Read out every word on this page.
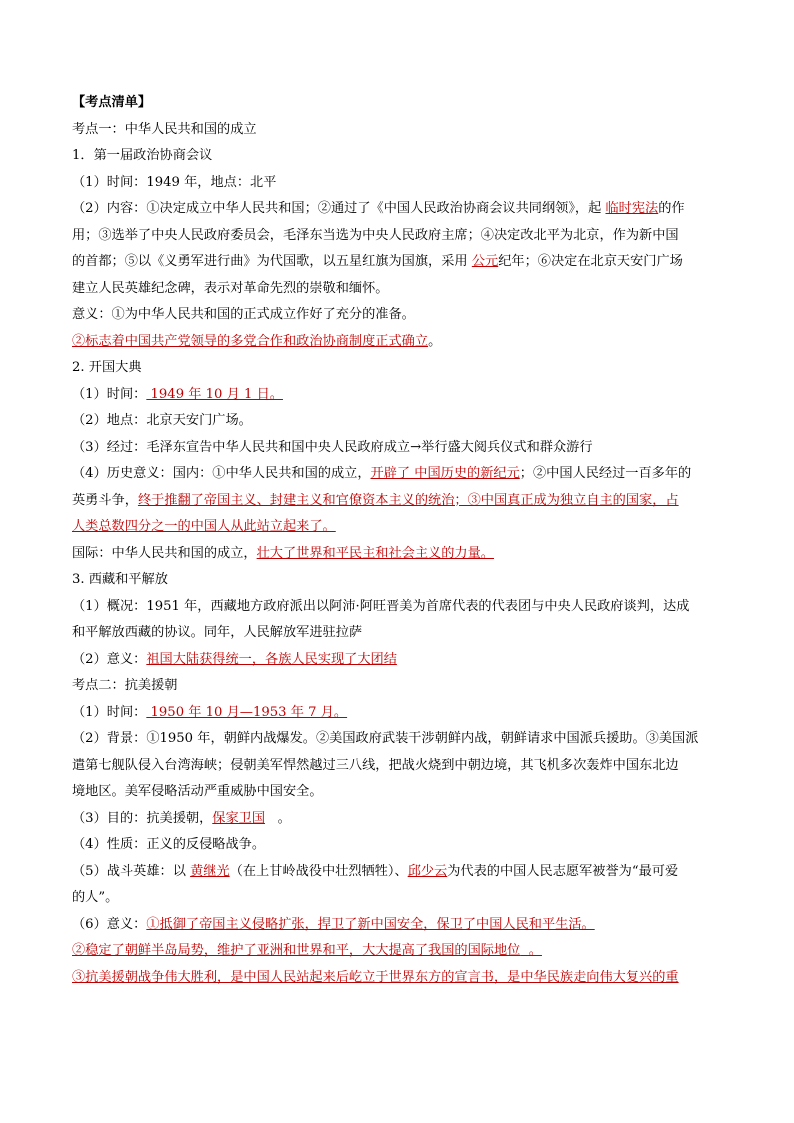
【考点清单】
考点一：中华人民共和国的成立
1．第一届政治协商会议
（1）时间：1949 年，地点：北平
（2）内容：①决定成立中华人民共和国；②通过了《中国人民政治协商会议共同纲领》，起 临时宪法的作
用；③选举了中央人民政府委员会，毛泽东当选为中央人民政府主席；④决定改北平为北京，作为新中国
的首都；⑤以《义勇军进行曲》为代国歌，以五星红旗为国旗，采用 公元纪年；⑥决定在北京天安门广场
建立人民英雄纪念碑，表示对革命先烈的崇敬和缅怀。
意义：①为中华人民共和国的正式成立作好了充分的准备。
②标志着中国共产党领导的多党合作和政治协商制度正式确立。
2. 开国大典
（1）时间： 1949 年 10 月 1 日。
（2）地点：北京天安门广场。
（3）经过：毛泽东宣告中华人民共和国中央人民政府成立→举行盛大阅兵仪式和群众游行
（4）历史意义：国内：①中华人民共和国的成立，开辟了 中国历史的新纪元；②中国人民经过一百多年的
英勇斗争，终于推翻了帝国主义、封建主义和官僚资本主义的统治；③中国真正成为独立自主的国家，占
人类总数四分之一的中国人从此站立起来了。
国际：中华人民共和国的成立，壮大了世界和平民主和社会主义的力量。
3. 西藏和平解放
（1）概况：1951 年，西藏地方政府派出以阿沛·阿旺晋美为首席代表的代表团与中央人民政府谈判，达成
和平解放西藏的协议。同年，人民解放军进驻拉萨
（2）意义：祖国大陆获得统一，各族人民实现了大团结
考点二：抗美援朝
（1）时间： 1950 年 10 月—1953 年 7 月。
（2）背景：①1950 年，朝鲜内战爆发。②美国政府武装干涉朝鲜内战，朝鲜请求中国派兵援助。③美国派
遣第七舰队侵入台湾海峡；侵朝美军悍然越过三八线，把战火烧到中朝边境，其飞机多次轰炸中国东北边
境地区。美军侵略活动严重威胁中国安全。
（3）目的：抗美援朝，保家卫国   。
（4）性质：正义的反侵略战争。
（5）战斗英雄：以 黄继光（在上甘岭战役中壮烈牺牲）、邱少云为代表的中国人民志愿军被誉为“最可爱
的人”。
（6）意义：①抵御了帝国主义侵略扩张，捍卫了新中国安全，保卫了中国人民和平生活。
②稳定了朝鲜半岛局势，维护了亚洲和世界和平，大大提高了我国的国际地位  。
③抗美援朝战争伟大胜利，是中国人民站起来后屹立于世界东方的宣言书，是中华民族走向伟大复兴的重
